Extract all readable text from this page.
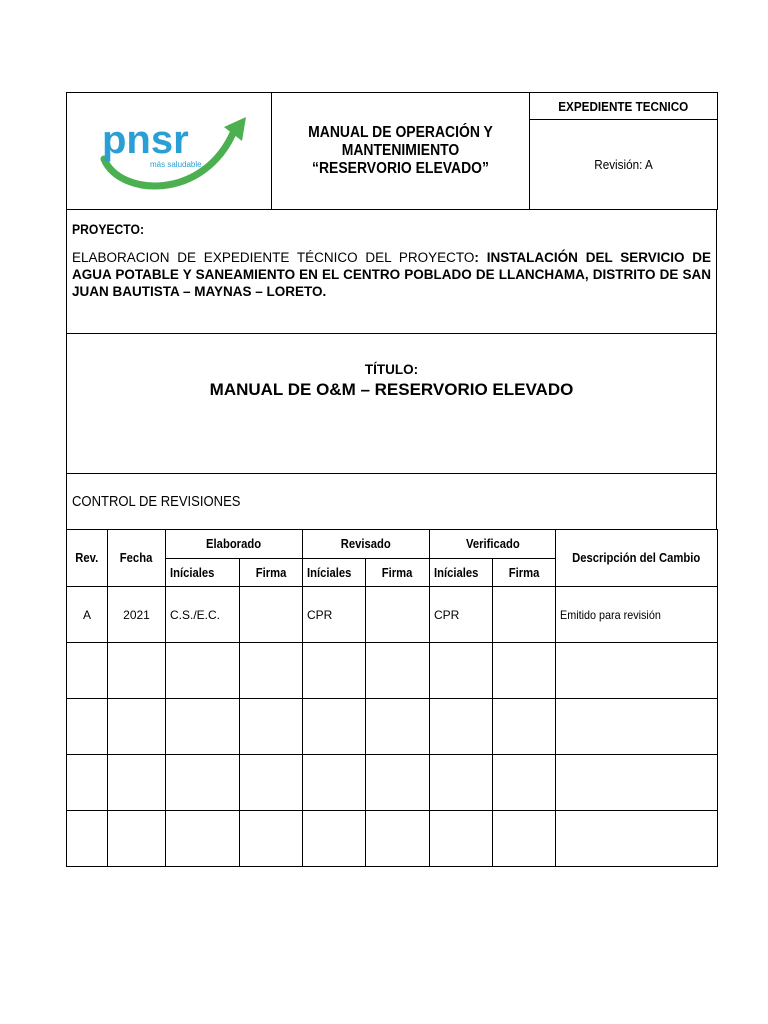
pnsr
más saludable

MANUAL DE OPERACIÓN Y
MANTENIMIENTO
“RESERVORIO ELEVADO”
	EXPEDIENTE TECNICO
Revisión: A
PROYECTO:
ELABORACION DE EXPEDIENTE TÉCNICO DEL PROYECTO: INSTALACIÓN DEL SERVICIO DE AGUA POTABLE Y SANEAMIENTO EN EL CENTRO POBLADO DE LLANCHAMA, DISTRITO DE SAN JUAN BAUTISTA – MAYNAS – LORETO.

TÍTULO:
MANUAL DE O&M – RESERVORIO ELEVADO

CONTROL DE REVISIONES
Rev.	Fecha	Elaborado		Revisado		Verificado		Descripción del Cambio
		Iníciales	Firma	Iníciales	Firma	Iníciales	Firma	
A	2021	C.S./E.C.		CPR		CPR		Emitido para revisión
